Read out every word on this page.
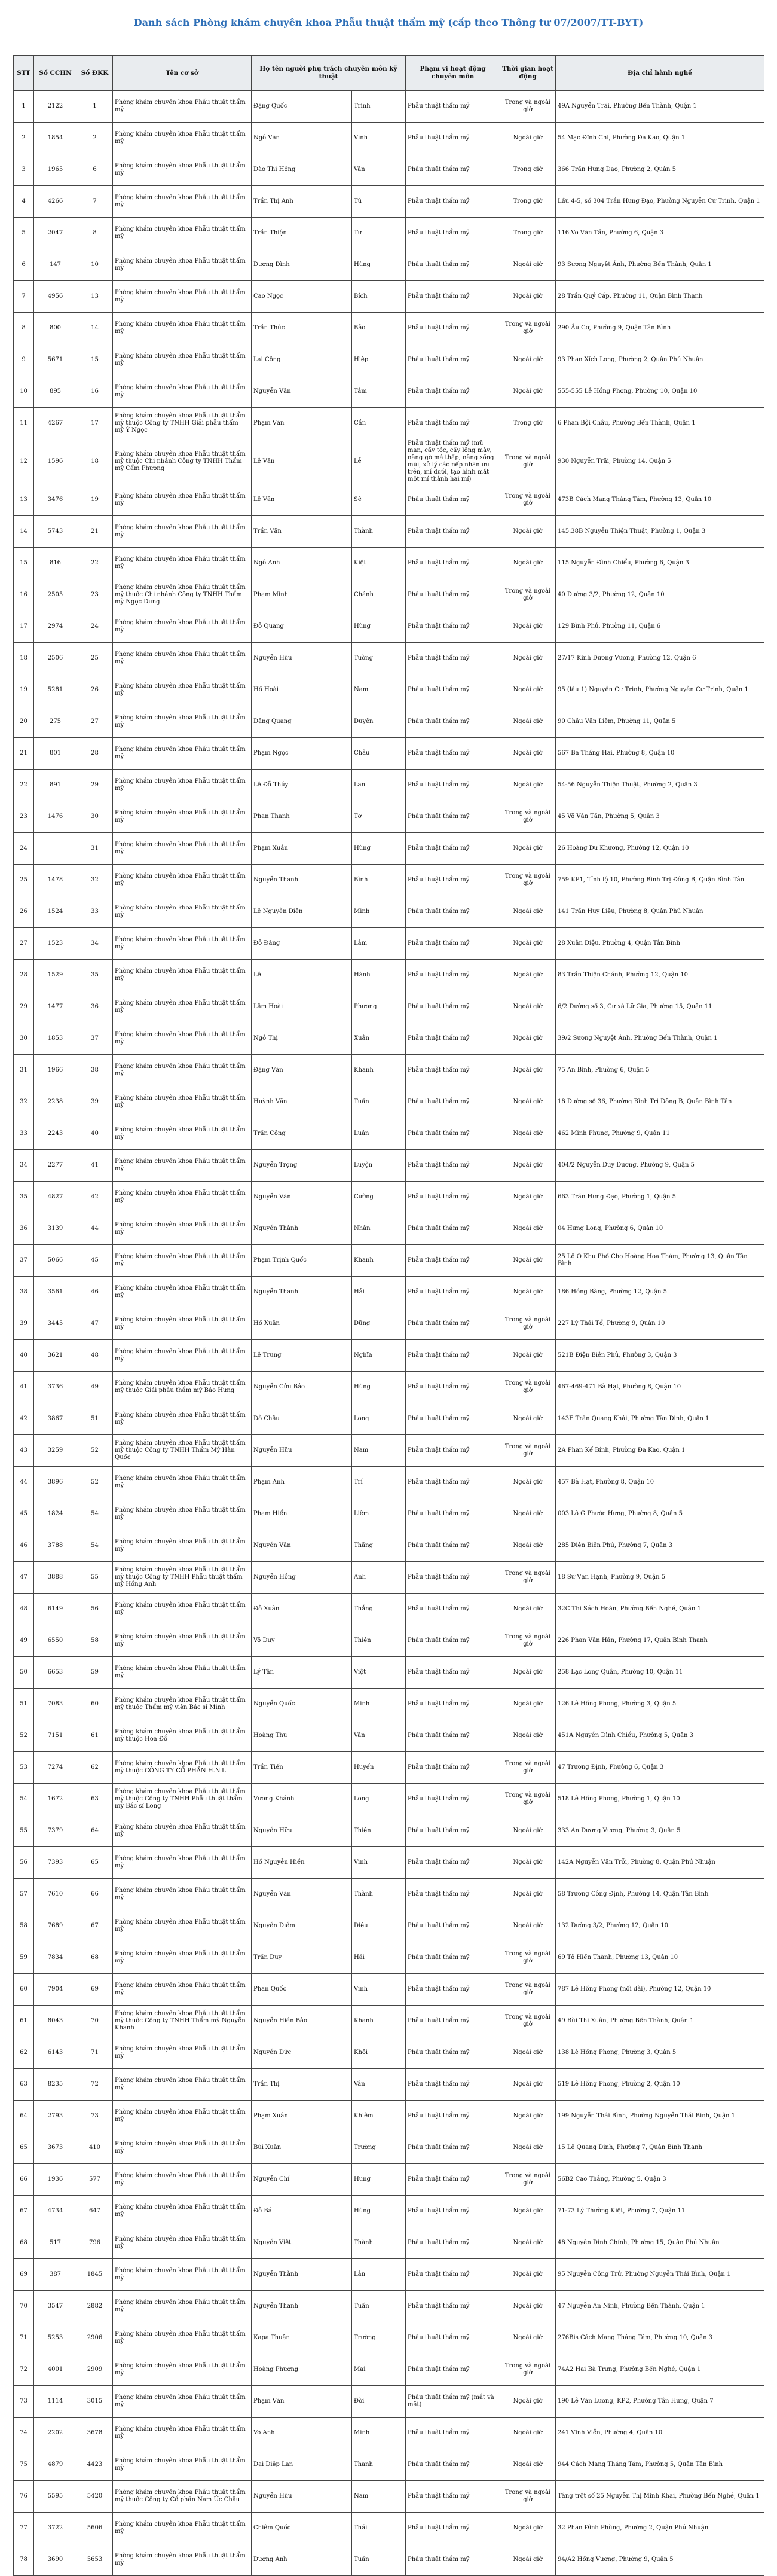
Danh sách Phòng khám chuyên khoa Phẫu thuật thẩm mỹ (cấp theo Thông tư 07/2007/TT-BYT)
STT	Số CCHN	Số ĐKK	Tên cơ sở	Họ tên người phụ trách chuyên môn kỹ thuật		Phạm vi hoạt động chuyên môn	Thời gian hoạt động	Địa chỉ hành nghề
1	2122	1	Phòng khám chuyên khoa Phẫu thuật thẩm mỹ	Đặng Quốc	Trinh	Phẫu thuật thẩm mỹ	Trong và ngoài giờ	49A Nguyễn Trãi, Phường Bến Thành, Quận 1
2	1854	2	Phòng khám chuyên khoa Phẫu thuật thẩm mỹ	Ngô Văn	Vinh	Phẫu thuật thẩm mỹ	Ngoài giờ	54 Mạc Đĩnh Chi, Phường Đa Kao, Quận 1
3	1965	6	Phòng khám chuyên khoa Phẫu thuật thẩm mỹ	Đào Thị Hồng	Vân	Phẫu thuật thẩm mỹ	Trong giờ	366 Trần Hưng Đạo, Phường 2, Quận 5
4	4266	7	Phòng khám chuyên khoa Phẫu thuật thẩm mỹ	Trần Thị Anh	Tú	Phẫu thuật thẩm mỹ	Trong giờ	Lầu 4-5, số 304 Trần Hưng Đạo, Phường Nguyễn Cư Trinh, Quận 1
5	2047	8	Phòng khám chuyên khoa Phẫu thuật thẩm mỹ	Trần Thiện	Tư	Phẫu thuật thẩm mỹ	Trong giờ	116 Võ Văn Tần, Phường 6, Quận 3
6	147	10	Phòng khám chuyên khoa Phẫu thuật thẩm mỹ	Dương Đình	Hùng	Phẫu thuật thẩm mỹ	Ngoài giờ	93 Sương Nguyệt Ánh, Phường Bến Thành, Quận 1
7	4956	13	Phòng khám chuyên khoa Phẫu thuật thẩm mỹ	Cao Ngọc	Bích	Phẫu thuật thẩm mỹ	Ngoài giờ	28 Trần Quý Cáp, Phường 11, Quận Bình Thạnh
8	800	14	Phòng khám chuyên khoa Phẫu thuật thẩm mỹ	Trần Thúc	Bảo	Phẫu thuật thẩm mỹ	Trong và ngoài giờ	290 Âu Cơ, Phường 9, Quận Tân Bình
9	5671	15	Phòng khám chuyên khoa Phẫu thuật thẩm mỹ	Lại Công	Hiệp	Phẫu thuật thẩm mỹ	Ngoài giờ	93 Phan Xích Long, Phường 2, Quận Phú Nhuận
10	895	16	Phòng khám chuyên khoa Phẫu thuật thẩm mỹ	Nguyễn Văn	Tâm	Phẫu thuật thẩm mỹ	Ngoài giờ	555-555 Lê Hồng Phong, Phường 10, Quận 10
11	4267	17	Phòng khám chuyên khoa Phẫu thuật thẩm mỹ thuộc Công ty TNHH Giải phẫu thẩm mỹ Ý Ngọc	Phạm Văn	Cần	Phẫu thuật thẩm mỹ	Trong giờ	6 Phan Bội Châu, Phường Bến Thành, Quận 1
12	1596	18	Phòng khám chuyên khoa Phẫu thuật thẩm mỹ thuộc Chi nhánh Công ty TNHH Thẩm mỹ Cẩm Phương	Lê Văn	Lễ	Phẫu thuật thẩm mỹ (mũ mạn, cấy tóc, cấy lông mày, nâng gò má thấp, nâng sống mũi, xử lý các nếp nhăn ưu trên, mí dưới, tạo hình mắt một mí thành hai mí)	Trong và ngoài giờ	930 Nguyễn Trãi, Phường 14, Quận 5
13	3476	19	Phòng khám chuyên khoa Phẫu thuật thẩm mỹ	Lê Văn	Sê	Phẫu thuật thẩm mỹ	Trong và ngoài giờ	473B Cách Mạng Tháng Tám, Phường 13, Quận 10
14	5743	21	Phòng khám chuyên khoa Phẫu thuật thẩm mỹ	Trần Văn	Thành	Phẫu thuật thẩm mỹ	Ngoài giờ	145.38B Nguyễn Thiện Thuật, Phường 1, Quận 3
15	816	22	Phòng khám chuyên khoa Phẫu thuật thẩm mỹ	Ngô Anh	Kiệt	Phẫu thuật thẩm mỹ	Ngoài giờ	115 Nguyễn Đình Chiểu, Phường 6, Quận 3
16	2505	23	Phòng khám chuyên khoa Phẫu thuật thẩm mỹ thuộc Chi nhánh Công ty TNHH Thẩm mỹ Ngọc Dung	Phạm Minh	Chánh	Phẫu thuật thẩm mỹ	Trong và ngoài giờ	40 Đường 3/2, Phường 12, Quận 10
17	2974	24	Phòng khám chuyên khoa Phẫu thuật thẩm mỹ	Đỗ Quang	Hùng	Phẫu thuật thẩm mỹ	Ngoài giờ	129 Bình Phú, Phường 11, Quận 6
18	2506	25	Phòng khám chuyên khoa Phẫu thuật thẩm mỹ	Nguyễn Hữu	Tường	Phẫu thuật thẩm mỹ	Ngoài giờ	27/17 Kinh Dương Vương, Phường 12, Quận 6
19	5281	26	Phòng khám chuyên khoa Phẫu thuật thẩm mỹ	Hồ Hoài	Nam	Phẫu thuật thẩm mỹ	Ngoài giờ	95 (lầu 1) Nguyễn Cư Trinh, Phường Nguyễn Cư Trinh, Quận 1
20	275	27	Phòng khám chuyên khoa Phẫu thuật thẩm mỹ	Đặng Quang	Duyên	Phẫu thuật thẩm mỹ	Ngoài giờ	90 Châu Văn Liêm, Phường 11, Quận 5
21	801	28	Phòng khám chuyên khoa Phẫu thuật thẩm mỹ	Phạm Ngọc	Châu	Phẫu thuật thẩm mỹ	Ngoài giờ	567 Ba Tháng Hai, Phường 8, Quận 10
22	891	29	Phòng khám chuyên khoa Phẫu thuật thẩm mỹ	Lê Đỗ Thúy	Lan	Phẫu thuật thẩm mỹ	Ngoài giờ	54-56 Nguyễn Thiện Thuật, Phường 2, Quận 3
23	1476	30	Phòng khám chuyên khoa Phẫu thuật thẩm mỹ	Phan Thanh	Tơ	Phẫu thuật thẩm mỹ	Trong và ngoài giờ	45 Võ Văn Tần, Phường 5, Quận 3
24		31	Phòng khám chuyên khoa Phẫu thuật thẩm mỹ	Phạm Xuân	Hùng	Phẫu thuật thẩm mỹ	Ngoài giờ	26 Hoàng Dư Khương, Phường 12, Quận 10
25	1478	32	Phòng khám chuyên khoa Phẫu thuật thẩm mỹ	Nguyễn Thanh	Bình	Phẫu thuật thẩm mỹ	Trong và ngoài giờ	759 KP1, Tỉnh lộ 10, Phường Bình Trị Đông B, Quận Bình Tân
26	1524	33	Phòng khám chuyên khoa Phẫu thuật thẩm mỹ	Lê Nguyễn Diên	Minh	Phẫu thuật thẩm mỹ	Ngoài giờ	141 Trần Huy Liệu, Phường 8, Quận Phú Nhuận
27	1523	34	Phòng khám chuyên khoa Phẫu thuật thẩm mỹ	Đỗ Đăng	Lâm	Phẫu thuật thẩm mỹ	Ngoài giờ	28 Xuân Diệu, Phường 4, Quận Tân Bình
28	1529	35	Phòng khám chuyên khoa Phẫu thuật thẩm mỹ	Lê	Hành	Phẫu thuật thẩm mỹ	Ngoài giờ	83 Trần Thiện Chánh, Phường 12, Quận 10
29	1477	36	Phòng khám chuyên khoa Phẫu thuật thẩm mỹ	Lâm Hoài	Phương	Phẫu thuật thẩm mỹ	Ngoài giờ	6/2 Đường số 3, Cư xá Lữ Gia, Phường 15, Quận 11
30	1853	37	Phòng khám chuyên khoa Phẫu thuật thẩm mỹ	Ngô Thị	Xuân	Phẫu thuật thẩm mỹ	Ngoài giờ	39/2 Sương Nguyệt Ánh, Phường Bến Thành, Quận 1
31	1966	38	Phòng khám chuyên khoa Phẫu thuật thẩm mỹ	Đặng Văn	Khanh	Phẫu thuật thẩm mỹ	Ngoài giờ	75 An Bình, Phường 6, Quận 5
32	2238	39	Phòng khám chuyên khoa Phẫu thuật thẩm mỹ	Huỳnh Văn	Tuấn	Phẫu thuật thẩm mỹ	Ngoài giờ	18 Đường số 36, Phường Bình Trị Đông B, Quận Bình Tân
33	2243	40	Phòng khám chuyên khoa Phẫu thuật thẩm mỹ	Trần Công	Luận	Phẫu thuật thẩm mỹ	Ngoài giờ	462 Minh Phụng, Phường 9, Quận 11
34	2277	41	Phòng khám chuyên khoa Phẫu thuật thẩm mỹ	Nguyễn Trọng	Luyện	Phẫu thuật thẩm mỹ	Ngoài giờ	404/2 Nguyễn Duy Dương, Phường 9, Quận 5
35	4827	42	Phòng khám chuyên khoa Phẫu thuật thẩm mỹ	Nguyễn Văn	Cường	Phẫu thuật thẩm mỹ	Ngoài giờ	663 Trần Hưng Đạo, Phường 1, Quận 5
36	3139	44	Phòng khám chuyên khoa Phẫu thuật thẩm mỹ	Nguyễn Thành	Nhân	Phẫu thuật thẩm mỹ	Ngoài giờ	04 Hưng Long, Phường 6, Quận 10
37	5066	45	Phòng khám chuyên khoa Phẫu thuật thẩm mỹ	Phạm Trịnh Quốc	Khanh	Phẫu thuật thẩm mỹ	Ngoài giờ	25 Lô O Khu Phố Chợ Hoàng Hoa Thám, Phường 13, Quận Tân Bình
38	3561	46	Phòng khám chuyên khoa Phẫu thuật thẩm mỹ	Nguyễn Thanh	Hải	Phẫu thuật thẩm mỹ	Ngoài giờ	186 Hồng Bàng, Phường 12, Quận 5
39	3445	47	Phòng khám chuyên khoa Phẫu thuật thẩm mỹ	Hồ Xuân	Dũng	Phẫu thuật thẩm mỹ	Trong và ngoài giờ	227 Lý Thái Tổ, Phường 9, Quận 10
40	3621	48	Phòng khám chuyên khoa Phẫu thuật thẩm mỹ	Lê Trung	Nghĩa	Phẫu thuật thẩm mỹ	Ngoài giờ	521B Điện Biên Phủ, Phường 3, Quận 3
41	3736	49	Phòng khám chuyên khoa Phẫu thuật thẩm mỹ thuộc Giải phẫu thẩm mỹ Bảo Hưng	Nguyễn Cửu Bảo	Hùng	Phẫu thuật thẩm mỹ	Trong và ngoài giờ	467-469-471 Bà Hạt, Phường 8, Quận 10
42	3867	51	Phòng khám chuyên khoa Phẫu thuật thẩm mỹ	Đỗ Châu	Long	Phẫu thuật thẩm mỹ	Ngoài giờ	143E Trần Quang Khải, Phường Tân Định, Quận 1
43	3259	52	Phòng khám chuyên khoa Phẫu thuật thẩm mỹ thuộc Công ty TNHH Thẩm Mỹ Hàn Quốc	Nguyễn Hữu	Nam	Phẫu thuật thẩm mỹ	Trong và ngoài giờ	2A Phan Kế Bính, Phường Đa Kao, Quận 1
44	3896	52	Phòng khám chuyên khoa Phẫu thuật thẩm mỹ	Phạm Anh	Trí	Phẫu thuật thẩm mỹ	Ngoài giờ	457 Bà Hạt, Phường 8, Quận 10
45	1824	54	Phòng khám chuyên khoa Phẫu thuật thẩm mỹ	Phạm Hiển	Liêm	Phẫu thuật thẩm mỹ	Ngoài giờ	003 Lô G Phước Hưng, Phường 8, Quận 5
46	3788	54	Phòng khám chuyên khoa Phẫu thuật thẩm mỹ	Nguyễn Văn	Thăng	Phẫu thuật thẩm mỹ	Ngoài giờ	285 Điện Biên Phủ, Phường 7, Quận 3
47	3888	55	Phòng khám chuyên khoa Phẫu thuật thẩm mỹ thuộc Công ty TNHH Phẫu thuật thẩm mỹ Hồng Anh	Nguyễn Hồng	Anh	Phẫu thuật thẩm mỹ	Trong và ngoài giờ	18 Sư Vạn Hạnh, Phường 9, Quận 5
48	6149	56	Phòng khám chuyên khoa Phẫu thuật thẩm mỹ	Đỗ Xuân	Thắng	Phẫu thuật thẩm mỹ	Ngoài giờ	32C Thi Sách Hoàn, Phường Bến Nghé, Quận 1
49	6550	58	Phòng khám chuyên khoa Phẫu thuật thẩm mỹ	Võ Duy	Thiện	Phẫu thuật thẩm mỹ	Trong và ngoài giờ	226 Phan Văn Hân, Phường 17, Quận Bình Thạnh
50	6653	59	Phòng khám chuyên khoa Phẫu thuật thẩm mỹ	Lý Tân	Việt	Phẫu thuật thẩm mỹ	Ngoài giờ	258 Lạc Long Quân, Phường 10, Quận 11
51	7083	60	Phòng khám chuyên khoa Phẫu thuật thẩm mỹ thuộc Thẩm mỹ viện Bác sĩ Minh	Nguyễn Quốc	Minh	Phẫu thuật thẩm mỹ	Ngoài giờ	126 Lê Hồng Phong, Phường 3, Quận 5
52	7151	61	Phòng khám chuyên khoa Phẫu thuật thẩm mỹ thuộc Hoa Đô	Hoàng Thu	Vân	Phẫu thuật thẩm mỹ	Ngoài giờ	451A Nguyễn Đình Chiểu, Phường 5, Quận 3
53	7274	62	Phòng khám chuyên khoa Phẫu thuật thẩm mỹ thuộc CÔNG TY CỔ PHẦN H.N.L	Trần Tiến	Huyến	Phẫu thuật thẩm mỹ	Trong và ngoài giờ	47 Trương Định, Phường 6, Quận 3
54	1672	63	Phòng khám chuyên khoa Phẫu thuật thẩm mỹ thuộc Công ty TNHH Phẫu thuật thẩm mỹ Bác sĩ Long	Vương Khánh	Long	Phẫu thuật thẩm mỹ	Trong và ngoài giờ	518 Lê Hồng Phong, Phường 1, Quận 10
55	7379	64	Phòng khám chuyên khoa Phẫu thuật thẩm mỹ	Nguyễn Hữu	Thiện	Phẫu thuật thẩm mỹ	Ngoài giờ	333 An Dương Vương, Phường 3, Quận 5
56	7393	65	Phòng khám chuyên khoa Phẫu thuật thẩm mỹ	Hồ Nguyễn Hiền	Vinh	Phẫu thuật thẩm mỹ	Ngoài giờ	142A Nguyễn Văn Trỗi, Phường 8, Quận Phú Nhuận
57	7610	66	Phòng khám chuyên khoa Phẫu thuật thẩm mỹ	Nguyễn Văn	Thành	Phẫu thuật thẩm mỹ	Ngoài giờ	58 Trương Công Định, Phường 14, Quận Tân Bình
58	7689	67	Phòng khám chuyên khoa Phẫu thuật thẩm mỹ	Nguyễn Diễm	Diệu	Phẫu thuật thẩm mỹ	Ngoài giờ	132 Đường 3/2, Phường 12, Quận 10
59	7834	68	Phòng khám chuyên khoa Phẫu thuật thẩm mỹ	Trần Duy	Hải	Phẫu thuật thẩm mỹ	Trong và ngoài giờ	69 Tô Hiến Thành, Phường 13, Quận 10
60	7904	69	Phòng khám chuyên khoa Phẫu thuật thẩm mỹ	Phan Quốc	Vinh	Phẫu thuật thẩm mỹ	Trong và ngoài giờ	787 Lê Hồng Phong (nối dài), Phường 12, Quận 10
61	8043	70	Phòng khám chuyên khoa Phẫu thuật thẩm mỹ thuộc Công ty TNHH Thẩm mỹ Nguyễn Khanh	Nguyễn Hiền Bảo	Khanh	Phẫu thuật thẩm mỹ	Trong và ngoài giờ	49 Bùi Thị Xuân, Phường Bến Thành, Quận 1
62	6143	71	Phòng khám chuyên khoa Phẫu thuật thẩm mỹ	Nguyễn Đức	Khôi	Phẫu thuật thẩm mỹ	Ngoài giờ	138 Lê Hồng Phong, Phường 3, Quận 5
63	8235	72	Phòng khám chuyên khoa Phẫu thuật thẩm mỹ	Trần Thị	Vân	Phẫu thuật thẩm mỹ	Ngoài giờ	519 Lê Hồng Phong, Phường 2, Quận 10
64	2793	73	Phòng khám chuyên khoa Phẫu thuật thẩm mỹ	Phạm Xuân	Khiêm	Phẫu thuật thẩm mỹ	Ngoài giờ	199 Nguyễn Thái Bình, Phường Nguyễn Thái Bình, Quận 1
65	3673	410	Phòng khám chuyên khoa Phẫu thuật thẩm mỹ	Bùi Xuân	Trường	Phẫu thuật thẩm mỹ	Ngoài giờ	15 Lê Quang Định, Phường 7, Quận Bình Thạnh
66	1936	577	Phòng khám chuyên khoa Phẫu thuật thẩm mỹ	Nguyễn Chí	Hưng	Phẫu thuật thẩm mỹ	Trong và ngoài giờ	56B2 Cao Thắng, Phường 5, Quận 3
67	4734	647	Phòng khám chuyên khoa Phẫu thuật thẩm mỹ	Đỗ Bá	Hùng	Phẫu thuật thẩm mỹ	Ngoài giờ	71-73 Lý Thường Kiệt, Phường 7, Quận 11
68	517	796	Phòng khám chuyên khoa Phẫu thuật thẩm mỹ	Nguyễn Việt	Thành	Phẫu thuật thẩm mỹ	Ngoài giờ	48 Nguyễn Đình Chính, Phường 15, Quận Phú Nhuận
69	387	1845	Phòng khám chuyên khoa Phẫu thuật thẩm mỹ	Nguyễn Thành	Lân	Phẫu thuật thẩm mỹ	Ngoài giờ	95 Nguyễn Công Trứ, Phường Nguyễn Thái Bình, Quận 1
70	3547	2882	Phòng khám chuyên khoa Phẫu thuật thẩm mỹ	Nguyễn Thanh	Tuấn	Phẫu thuật thẩm mỹ	Ngoài giờ	47 Nguyễn An Ninh, Phường Bến Thành, Quận 1
71	5253	2906	Phòng khám chuyên khoa Phẫu thuật thẩm mỹ	Kapa Thuận	Trường	Phẫu thuật thẩm mỹ	Ngoài giờ	276Bis Cách Mạng Tháng Tám, Phường 10, Quận 3
72	4001	2909	Phòng khám chuyên khoa Phẫu thuật thẩm mỹ	Hoàng Phương	Mai	Phẫu thuật thẩm mỹ	Trong và ngoài giờ	74A2 Hai Bà Trưng, Phường Bến Nghé, Quận 1
73	1114	3015	Phòng khám chuyên khoa Phẫu thuật thẩm mỹ	Phạm Văn	Đời	Phẫu thuật thẩm mỹ (mắt và mặt)	Ngoài giờ	190 Lê Văn Lương, KP2, Phường Tân Hưng, Quận 7
74	2202	3678	Phòng khám chuyên khoa Phẫu thuật thẩm mỹ	Võ Anh	Minh	Phẫu thuật thẩm mỹ	Ngoài giờ	241 Vĩnh Viễn, Phường 4, Quận 10
75	4879	4423	Phòng khám chuyên khoa Phẫu thuật thẩm mỹ	Đại Diệp Lan	Thanh	Phẫu thuật thẩm mỹ	Ngoài giờ	944 Cách Mạng Tháng Tám, Phường 5, Quận Tân Bình
76	5595	5420	Phòng khám chuyên khoa Phẫu thuật thẩm mỹ thuộc Công ty Cổ phần Nam Úc Châu	Nguyễn Hữu	Nam	Phẫu thuật thẩm mỹ	Trong và ngoài giờ	Tầng trệt số 25 Nguyễn Thị Minh Khai, Phường Bến Nghé, Quận 1
77	3722	5606	Phòng khám chuyên khoa Phẫu thuật thẩm mỹ	Chiêm Quốc	Thái	Phẫu thuật thẩm mỹ	Ngoài giờ	32 Phan Đình Phùng, Phường 2, Quận Phú Nhuận
78	3690	5653	Phòng khám chuyên khoa Phẫu thuật thẩm mỹ	Dương Anh	Tuấn	Phẫu thuật thẩm mỹ	Ngoài giờ	94/A2 Hồng Vương, Phường 9, Quận 5
